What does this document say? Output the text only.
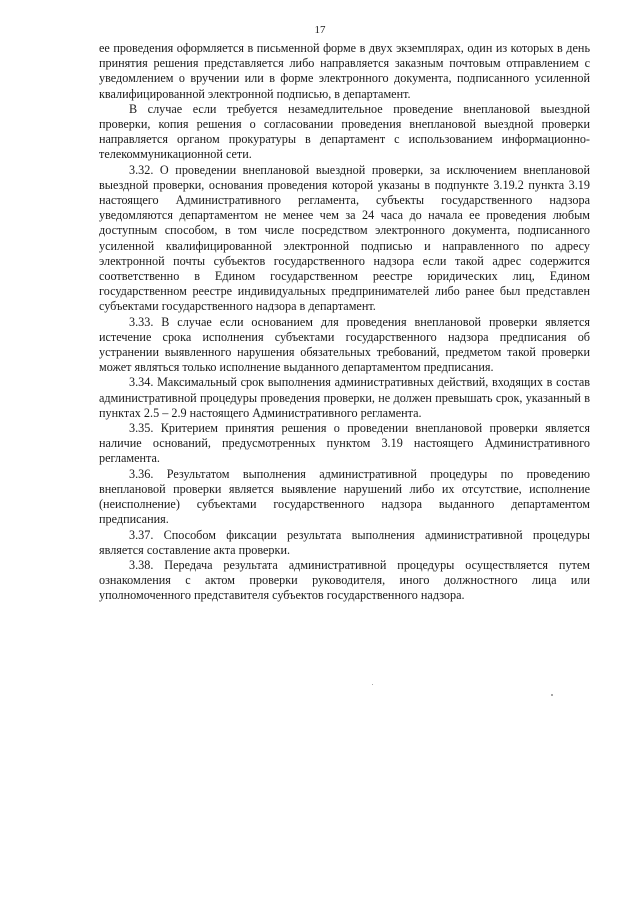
17

ее проведения оформляется в письменной форме в двух экземплярах, один из которых в день принятия решения представляется либо направляется заказным почтовым отправлением с уведомлением о вручении или в форме электронного документа, подписанного усиленной квалифицированной электронной подписью, в департамент.

В случае если требуется незамедлительное проведение внеплановой выездной проверки, копия решения о согласовании проведения внеплановой выездной проверки направляется органом прокуратуры в департамент с использованием информационно-телекоммуникационной сети.

3.32. О проведении внеплановой выездной проверки, за исключением внеплановой выездной проверки, основания проведения которой указаны в подпункте 3.19.2 пункта 3.19 настоящего Административного регламента, субъекты государственного надзора уведомляются департаментом не менее чем за 24 часа до начала ее проведения любым доступным способом, в том числе посредством электронного документа, подписанного усиленной квалифицированной электронной подписью и направленного по адресу электронной почты субъектов государственного надзора если такой адрес содержится соответственно в Едином государственном реестре юридических лиц, Едином государственном реестре индивидуальных предпринимателей либо ранее был представлен субъектами государственного надзора в департамент.

3.33. В случае если основанием для проведения внеплановой проверки является истечение срока исполнения субъектами государственного надзора предписания об устранении выявленного нарушения обязательных требований, предметом такой проверки может являться только исполнение выданного департаментом предписания.

3.34. Максимальный срок выполнения административных действий, входящих в состав административной процедуры проведения проверки, не должен превышать срок, указанный в пунктах 2.5 – 2.9 настоящего Административного регламента.

3.35. Критерием принятия решения о проведении внеплановой проверки является наличие оснований, предусмотренных пунктом 3.19 настоящего Административного регламента.

3.36. Результатом выполнения административной процедуры по проведению внеплановой проверки является выявление нарушений либо их отсутствие, исполнение (неисполнение) субъектами государственного надзора выданного департаментом предписания.

3.37. Способом фиксации результата выполнения административной процедуры является составление акта проверки.

3.38. Передача результата административной процедуры осуществляется путем ознакомления с актом проверки руководителя, иного должностного лица или уполномоченного представителя субъектов государственного надзора.
